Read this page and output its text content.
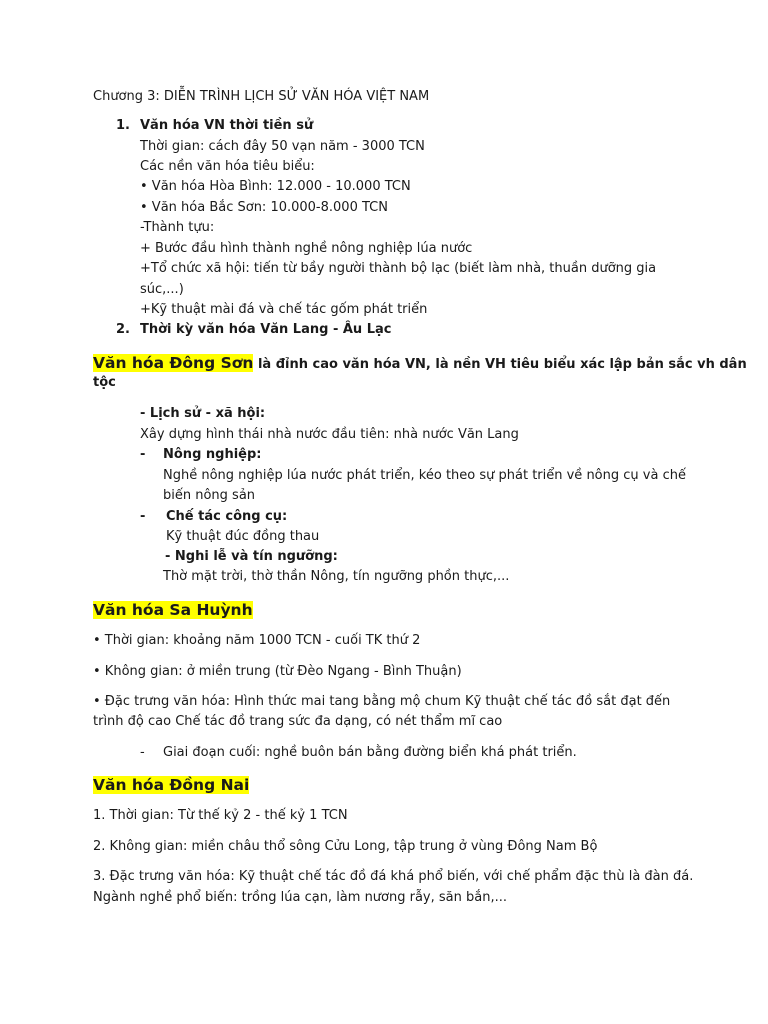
Chương 3: DIỄN TRÌNH LỊCH SỬ VĂN HÓA VIỆT NAM
1. Văn hóa VN thời tiền sử
Thời gian: cách đây 50 vạn năm - 3000 TCN
Các nền văn hóa tiêu biểu:
• Văn hóa Hòa Bình: 12.000 - 10.000 TCN
• Văn hóa Bắc Sơn: 10.000-8.000 TCN
-Thành tựu:
+ Bước đầu hình thành nghề nông nghiệp lúa nước
+Tổ chức xã hội: tiến từ bầy người thành bộ lạc (biết làm nhà, thuần dưỡng gia
súc,...)
+Kỹ thuật mài đá và chế tác gốm phát triển
2. Thời kỳ văn hóa Văn Lang - Âu Lạc
Văn hóa Đông Sơn là đỉnh cao văn hóa VN, là nền VH tiêu biểu xác lập bản sắc vh dân
tộc
- Lịch sử - xã hội:
Xây dựng hình thái nhà nước đầu tiên: nhà nước Văn Lang
- Nông nghiệp:
Nghề nông nghiệp lúa nước phát triển, kéo theo sự phát triển về nông cụ và chế
biến nông sản
- Chế tác công cụ:
Kỹ thuật đúc đồng thau
- Nghi lễ và tín ngưỡng:
Thờ mặt trời, thờ thần Nông, tín ngưỡng phồn thực,...
Văn hóa Sa Huỳnh
• Thời gian: khoảng năm 1000 TCN - cuối TK thứ 2
• Không gian: ở miền trung (từ Đèo Ngang - Bình Thuận)
• Đặc trưng văn hóa: Hình thức mai tang bằng mộ chum Kỹ thuật chế tác đồ sắt đạt đến
trình độ cao Chế tác đồ trang sức đa dạng, có nét thẩm mĩ cao
- Giai đoạn cuối: nghề buôn bán bằng đường biển khá phát triển.
Văn hóa Đồng Nai
1. Thời gian: Từ thế kỷ 2 - thế kỷ 1 TCN
2. Không gian: miền châu thổ sông Cửu Long, tập trung ở vùng Đông Nam Bộ
3. Đặc trưng văn hóa: Kỹ thuật chế tác đồ đá khá phổ biến, với chế phẩm đặc thù là đàn đá.
Ngành nghề phổ biến: trồng lúa cạn, làm nương rẫy, săn bắn,...
